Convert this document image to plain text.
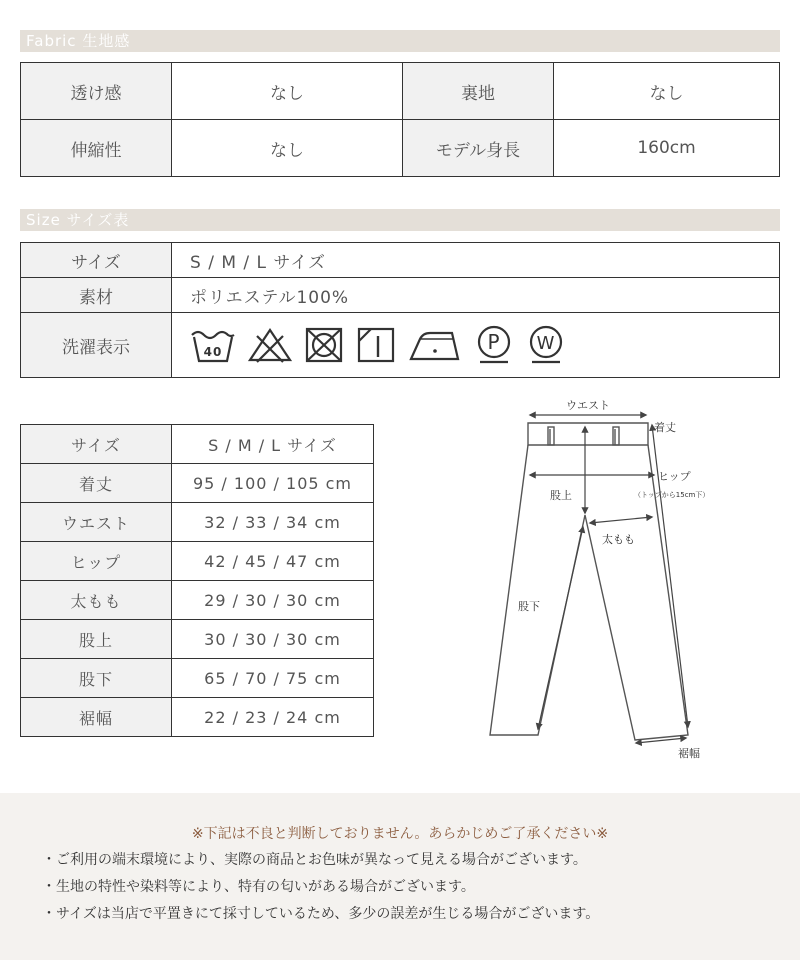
Fabric 生地感
透け感	なし	裏地	なし
伸縮性	なし	モデル身長	160cm
Size サイズ表
サイズ	S / M / L サイズ
素材	ポリエステル100%
洗濯表示	40 P W
サイズ	S / M / L サイズ
着丈	95 / 100 / 105 cm
ウエスト	32 / 33 / 34 cm
ヒップ	42 / 45 / 47 cm
太もも	29 / 30 / 30 cm
股上	30 / 30 / 30 cm
股下	65 / 70 / 75 cm
裾幅	22 / 23 / 24 cm
ウエスト
着丈
ヒップ
（トップから15cm下）
股上
太もも
股下
裾幅
※下記は不良と判断しておりません。あらかじめご了承ください※
・ご利用の端末環境により、実際の商品とお色味が異なって見える場合がございます。
・生地の特性や染料等により、特有の匂いがある場合がございます。
・サイズは当店で平置きにて採寸しているため、多少の誤差が生じる場合がございます。
